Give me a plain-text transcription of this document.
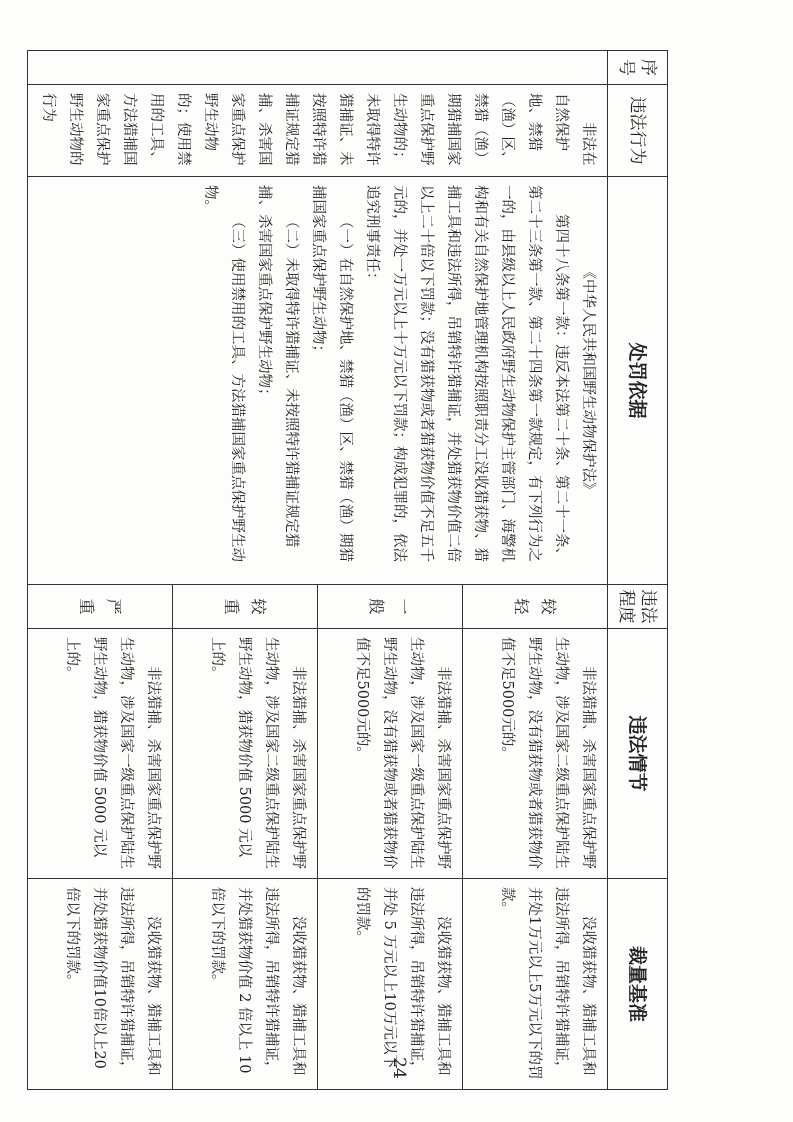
序号	违法行为	处罚依据	违法程度	违法情节	裁量基准

	非法在自然保护地、禁猎（渔）区、禁猎（渔）期猎捕国家重点保护野生动物的；未取得特许猎捕证、未按照特许猎捕证规定猎捕、杀害国家重点保护野生动物的；使用禁用的工具、方法猎捕国家重点保护野生动物的行为	《中华人民共和国野生动物保护法》

第四十八条第一款：违反本法第二十条、第二十一条、第二十三条第一款、第二十四条第一款规定，有下列行为之一的，由县级以上人民政府野生动物保护主管部门、海警机构和有关自然保护地管理机构按照职责分工没收猎获物、猎捕工具和违法所得，吊销特许猎捕证，并处猎获物价值二倍以上二十倍以下罚款；没有猎获物或者猎获物价值不足五千元的，并处一万元以上十万元以下罚款；构成犯罪的，依法追究刑事责任：

（一）在自然保护地、禁猎（渔）区、禁猎（渔）期猎捕国家重点保护野生动物；

（二）未取得特许猎捕证、未按照特许猎捕证规定猎捕、杀害国家重点保护野生动物；

（三）使用禁用的工具、方法猎捕国家重点保护野生动物。	较轻	非法猎捕、杀害国家重点保护野生动物，涉及国家二级重点保护陆生野生动物，没有猎获物或者猎获物价值不足5000元的。	没收猎获物、猎捕工具和违法所得，吊销特许猎捕证，并处1万元以上5万元以下的罚款。

			一般	非法猎捕、杀害国家重点保护野生动物，涉及国家一级重点保护陆生野生动物，没有猎获物或者猎获物价值不足5000元的。	没收猎获物、猎捕工具和违法所得，吊销特许猎捕证，并处 5 万元以上10万元以下的罚款。

			较重	非法猎捕、杀害国家重点保护野生动物，涉及国家二级重点保护陆生野生动物，猎获物价值 5000 元以上的。	没收猎获物、猎捕工具和违法所得，吊销特许猎捕证，并处猎获物价值 2 倍以上 10 倍以下的罚款。

			严重	非法猎捕、杀害国家重点保护野生动物，涉及国家一级重点保护陆生野生动物，猎获物价值 5000 元以上的。	没收猎获物、猎捕工具和违法所得，吊销特许猎捕证，并处猎获物价值10倍以上20倍以下的罚款。

24
